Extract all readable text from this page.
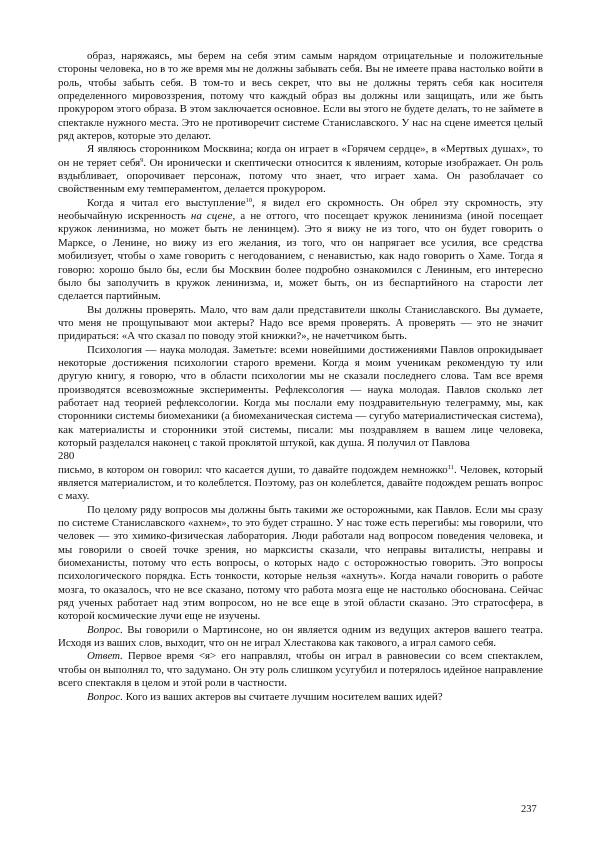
образ, наряжаясь, мы берем на себя этим самым нарядом отрицательные и положительные стороны человека, но в то же время мы не должны забывать себя. Вы не имеете права настолько войти в роль, чтобы забыть себя. В том-то и весь секрет, что вы не должны терять себя как носителя определенного мировоззрения, потому что каждый образ вы должны или защищать, или же быть прокурором этого образа. В этом заключается основное. Если вы этого не будете делать, то не займете в спектакле нужного места. Это не противоречит системе Станиславского. У нас на сцене имеется целый ряд актеров, которые это делают.

Я являюсь сторонником Москвина; когда он играет в «Горячем сердце», в «Мертвых душах», то он не теряет себя$^9$. Он иронически и скептически относится к явлениям, которые изображает. Он роль вздыбливает, опорочивает персонаж, потому что знает, что играет хама. Он разоблачает со свойственным ему темпераментом, делается прокурором.

Когда я читал его выступление$^{10}$, я видел его скромность. Он обрел эту скромность, эту необычайную искренность на сцене, а не оттого, что посещает кружок ленинизма (иной посещает кружок ленинизма, но может быть не ленинцем). Это я вижу не из того, что он будет говорить о Марксе, о Ленине, но вижу из его желания, из того, что он напрягает все усилия, все средства мобилизует, чтобы о хаме говорить с негодованием, с ненавистью, как надо говорить о Хаме. Тогда я говорю: хорошо было бы, если бы Москвин более подробно ознакомился с Лениным, его интересно было бы заполучить в кружок ленинизма, и, может быть, он из беспартийного на старости лет сделается партийным.

Вы должны проверять. Мало, что вам дали представители школы Станиславского. Вы думаете, что меня не прощупывают мои актеры? Надо все время проверять. А проверять — это не значит придираться: «А что сказал по поводу этой книжки?», не начетчиком быть.

Психология — наука молодая. Заметьте: всеми новейшими достижениями Павлов опрокидывает некоторые достижения психологии старого времени. Когда я моим ученикам рекомендую ту или другую книгу, я говорю, что в области психологии мы не сказали последнего слова. Там все время производятся всевозможные эксперименты. Рефлексология — наука молодая. Павлов сколько лет работает над теорией рефлексологии. Когда мы послали ему поздравительную телеграмму, мы, как сторонники системы биомеханики (а биомеханическая система — сугубо материалистическая система), как материалисты и сторонники этой системы, писали: мы поздравляем в вашем лице человека, который разделался наконец с такой проклятой штукой, как душа. Я получил от Павлова

280

письмо, в котором он говорил: что касается души, то давайте подождем немножко$^{11}$. Человек, который является материалистом, и то колеблется. Поэтому, раз он колеблется, давайте подождем решать вопрос с маху.

По целому ряду вопросов мы должны быть такими же осторожными, как Павлов. Если мы сразу по системе Станиславского «ахнем», то это будет страшно. У нас тоже есть перегибы: мы говорили, что человек — это химико-физическая лаборатория. Люди работали над вопросом поведения человека, и мы говорили о своей точке зрения, но марксисты сказали, что неправы виталисты, неправы и биомеханисты, потому что есть вопросы, о которых надо с осторожностью говорить. Это вопросы психологического порядка. Есть тонкости, которые нельзя «ахнуть». Когда начали говорить о работе мозга, то оказалось, что не все сказано, потому что работа мозга еще не настолько обоснована. Сейчас ряд ученых работает над этим вопросом, но не все еще в этой области сказано. Это стратосфера, в которой космические лучи еще не изучены.

Вопрос. Вы говорили о Мартинсоне, но он является одним из ведущих актеров вашего театра. Исходя из ваших слов, выходит, что он не играл Хлестакова как такового, а играл самого себя.

Ответ. Первое время <я> его направлял, чтобы он играл в равновесии со всем спектаклем, чтобы он выполнял то, что задумано. Он эту роль слишком усугубил и потерялось идейное направление всего спектакля в целом и этой роли в частности.

Вопрос. Кого из ваших актеров вы считаете лучшим носителем ваших идей?

237
